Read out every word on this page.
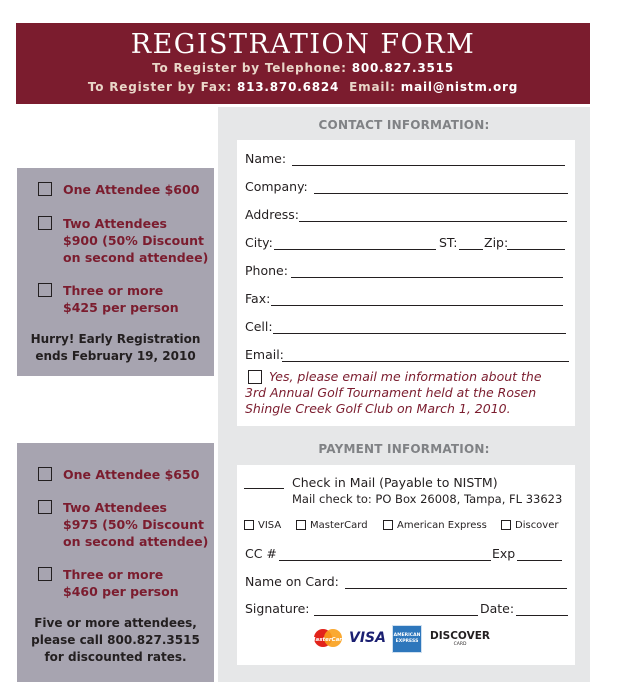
REGISTRATION FORM
To Register by Telephone: 800.827.3515
To Register by Fax: 813.870.6824 Email: mail@nistm.org
One Attendee $600
Two Attendees
$900 (50% Discount
on second attendee)
Three or more
$425 per person
Hurry! Early Registration
ends February 19, 2010
One Attendee $650
Two Attendees
$975 (50% Discount
on second attendee)
Three or more
$460 per person
Five or more attendees,
please call 800.827.3515
for discounted rates.
CONTACT INFORMATION:
Name:
Company:
Address:
City:	ST: Zip:
Phone:
Fax:
Cell:
Email:
Yes, please email me information about the
3rd Annual Golf Tournament held at the Rosen
Shingle Creek Golf Club on March 1, 2010.
PAYMENT INFORMATION:
Check in Mail (Payable to NISTM)
Mail check to: PO Box 26008, Tampa, FL 33623
VISA	MasterCard	American Express	Discover
CC #	Exp
Name on Card:
Signature:	Date:
MasterCard VISA	AMERICAN EXPRESS	DISCOVER
CARD
